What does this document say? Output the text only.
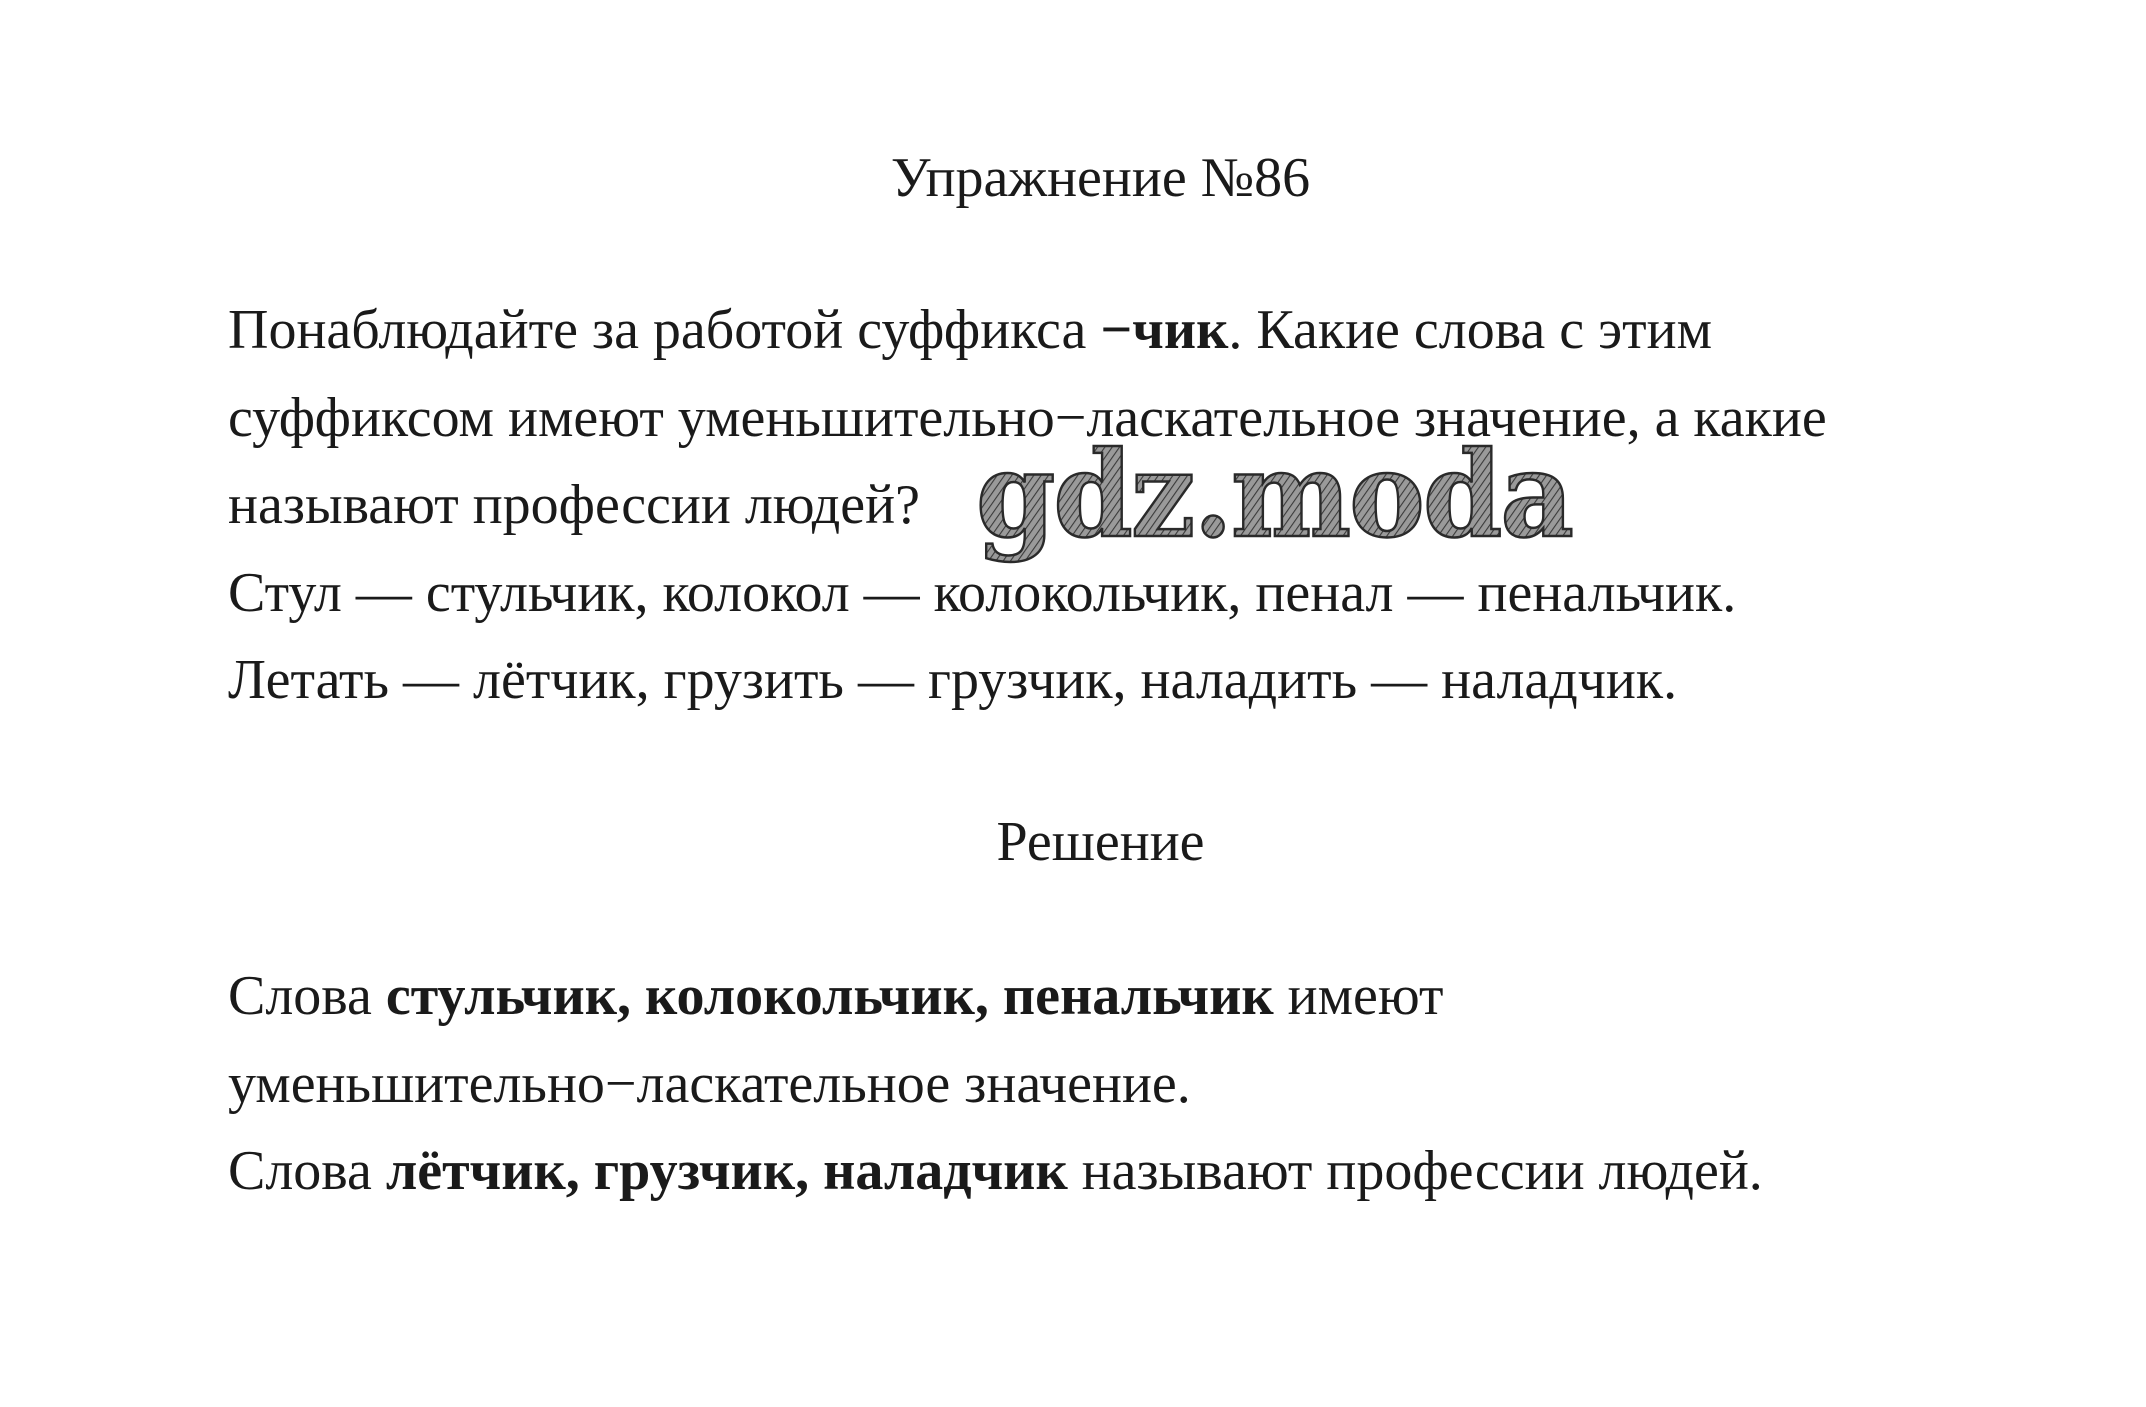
Упражнение №86
Понаблюдайте за работой суффикса −чик. Какие слова с этим
суффиксом имеют уменьшительно−ласкательное значение, а какие
называют профессии людей?
Стул — стульчик, колокол — колокольчик, пенал — пенальчик.
Летать — лётчик, грузить — грузчик, наладить — наладчик.
Решение
Слова стульчик, колокольчик, пенальчик имеют
уменьшительно−ласкательное значение.
Слова лётчик, грузчик, наладчик называют профессии людей.
gdz.moda
